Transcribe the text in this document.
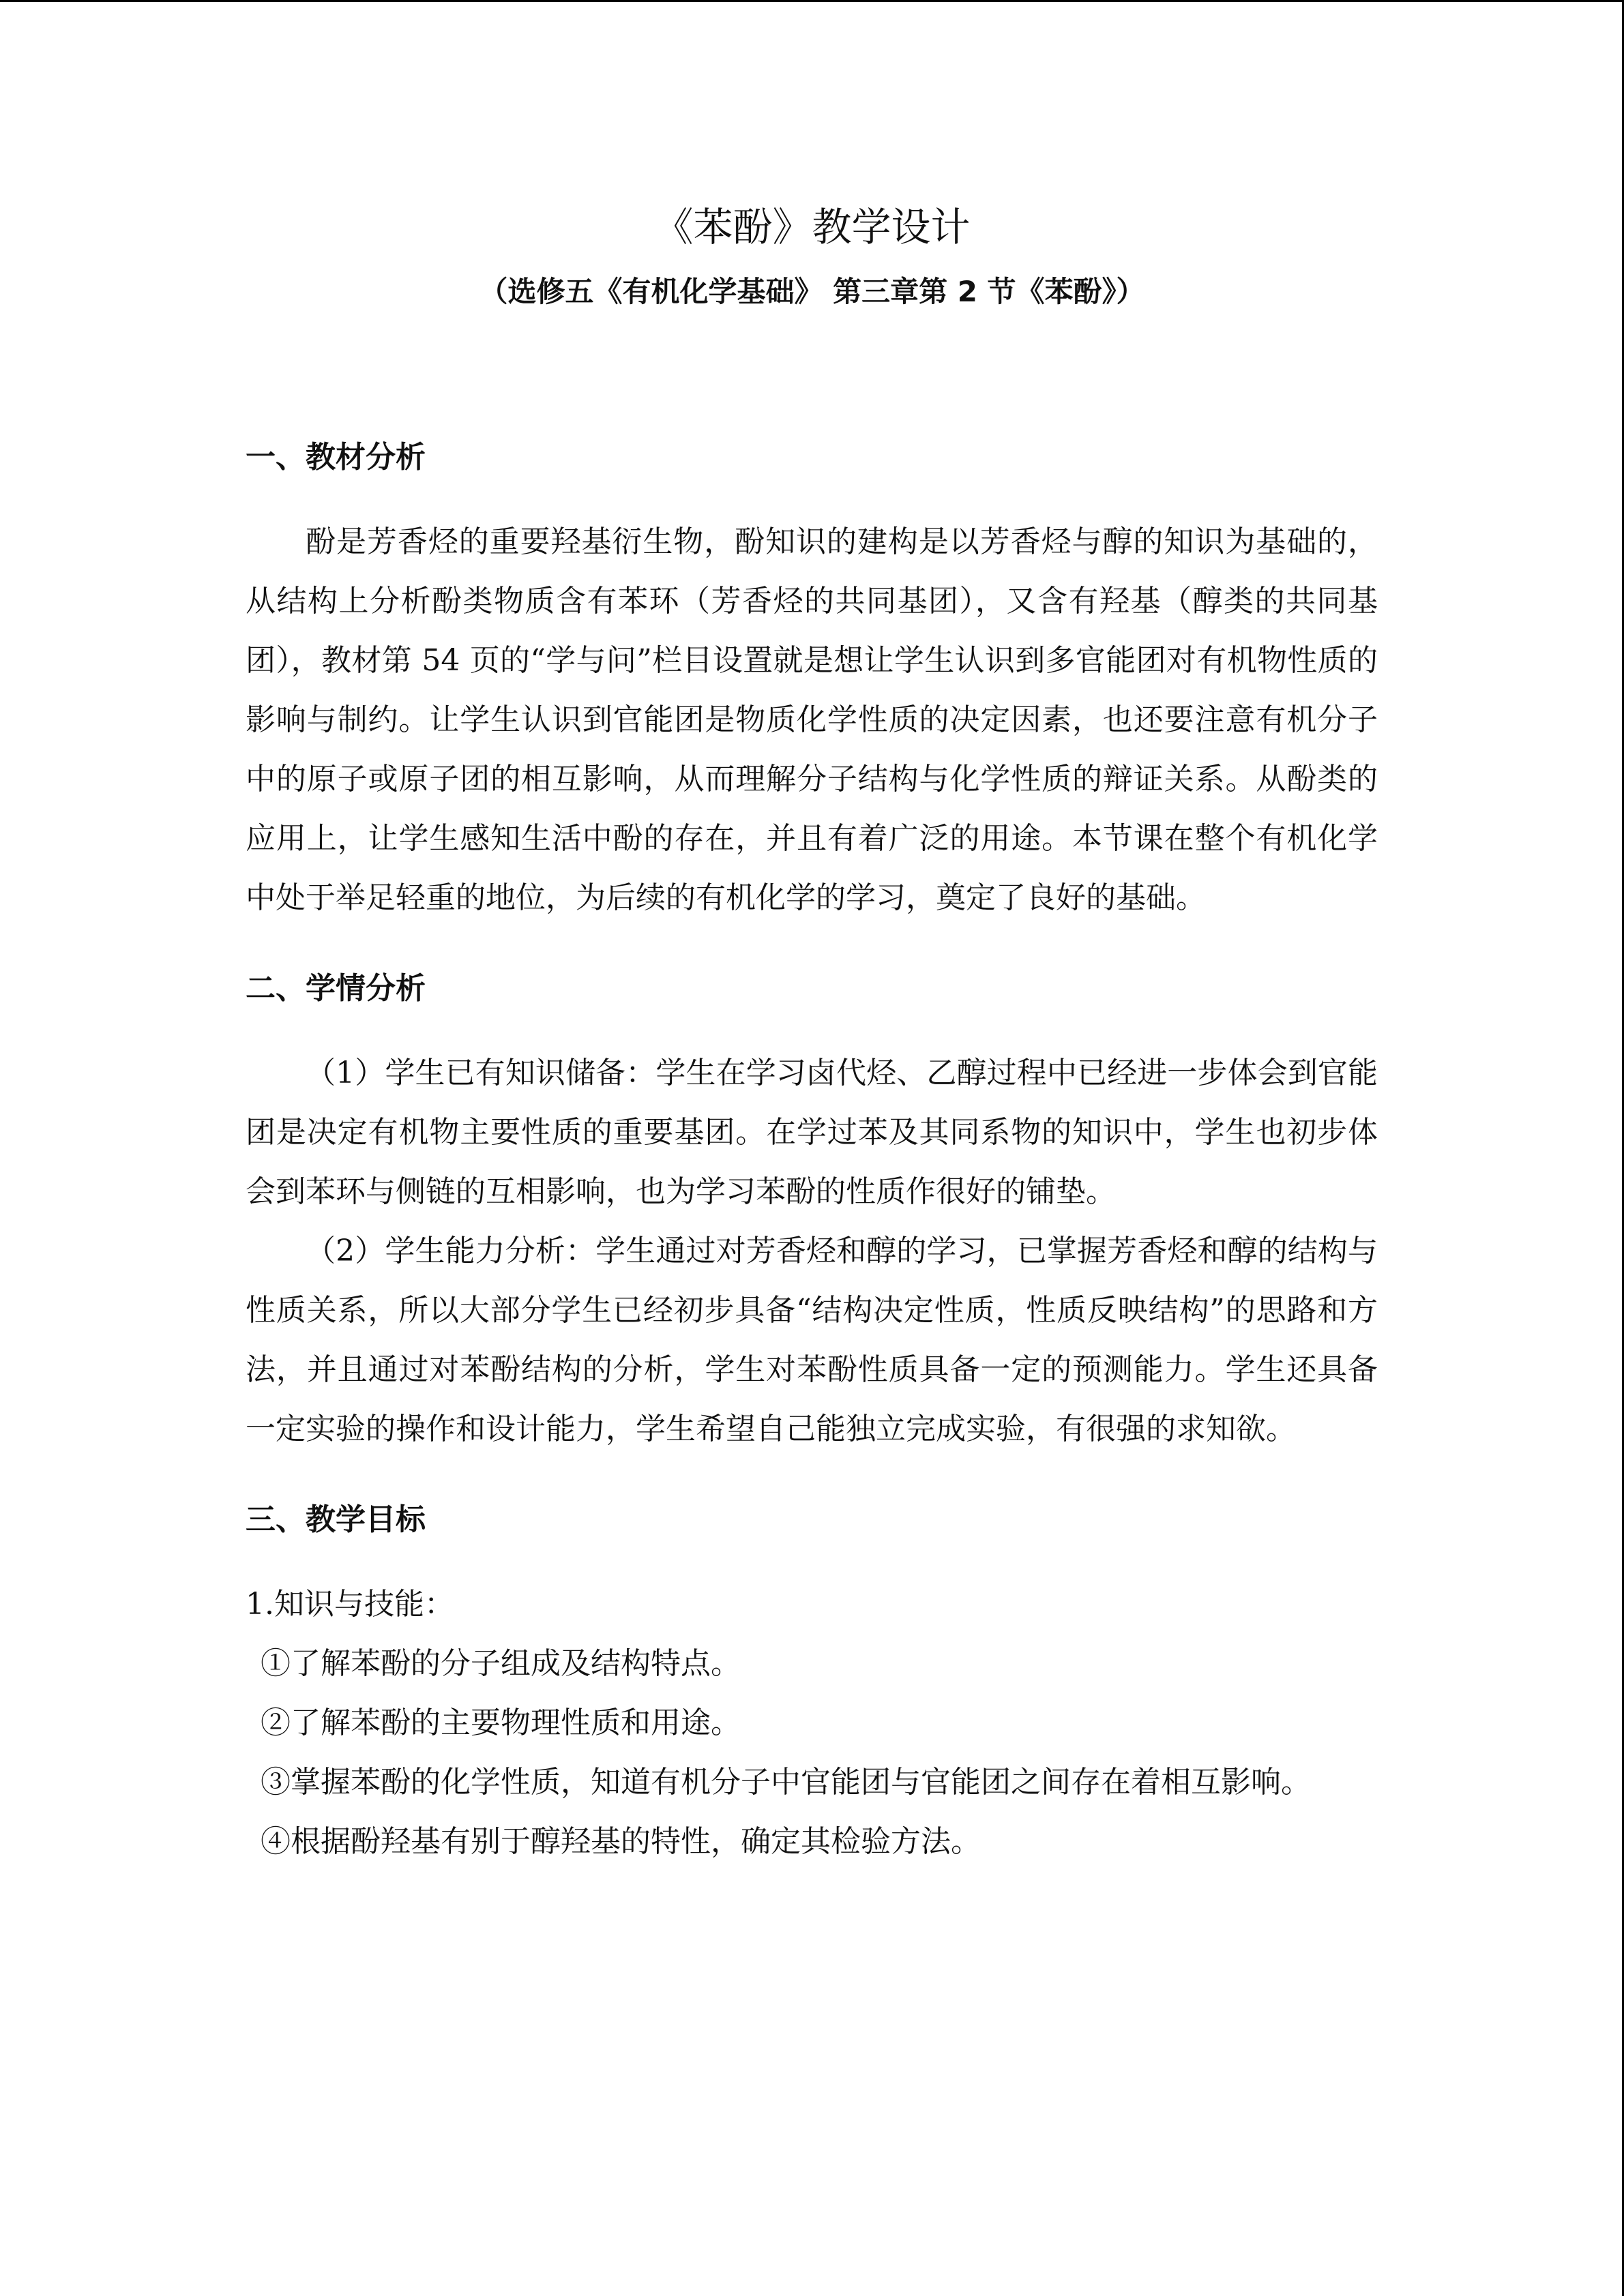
《苯酚》教学设计
（选修五《有机化学基础》 第三章第 2 节《苯酚》）
一、教材分析

酚是芳香烃的重要羟基衍生物，酚知识的建构是以芳香烃与醇的知识为基础的，从结构上分析酚类物质含有苯环（芳香烃的共同基团），又含有羟基（醇类的共同基团），教材第 54 页的“学与问”栏目设置就是想让学生认识到多官能团对有机物性质的影响与制约。让学生认识到官能团是物质化学性质的决定因素，也还要注意有机分子中的原子或原子团的相互影响，从而理解分子结构与化学性质的辩证关系。从酚类的应用上，让学生感知生活中酚的存在，并且有着广泛的用途。本节课在整个有机化学中处于举足轻重的地位，为后续的有机化学的学习，奠定了良好的基础。

二、学情分析

（1）学生已有知识储备：学生在学习卤代烃、乙醇过程中已经进一步体会到官能团是决定有机物主要性质的重要基团。在学过苯及其同系物的知识中，学生也初步体会到苯环与侧链的互相影响，也为学习苯酚的性质作很好的铺垫。

（2）学生能力分析：学生通过对芳香烃和醇的学习，已掌握芳香烃和醇的结构与性质关系，所以大部分学生已经初步具备“结构决定性质，性质反映结构”的思路和方法，并且通过对苯酚结构的分析，学生对苯酚性质具备一定的预测能力。学生还具备一定实验的操作和设计能力，学生希望自己能独立完成实验，有很强的求知欲。

三、教学目标

1.知识与技能：

①了解苯酚的分子组成及结构特点。

②了解苯酚的主要物理性质和用途。

③掌握苯酚的化学性质，知道有机分子中官能团与官能团之间存在着相互影响。

④根据酚羟基有别于醇羟基的特性，确定其检验方法。
